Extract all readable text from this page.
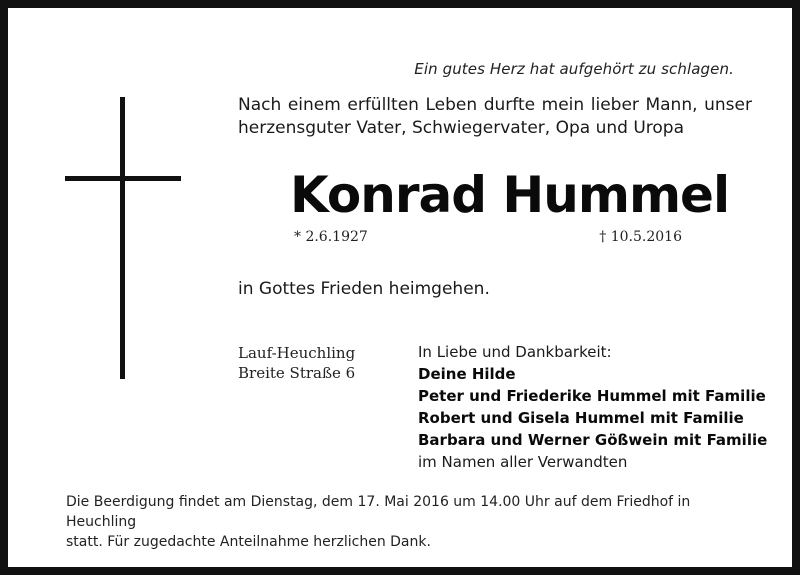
Ein gutes Herz hat aufgehört zu schlagen.
Nach einem erfüllten Leben durfte mein lieber Mann, unser
herzensguter Vater, Schwiegervater, Opa und Uropa
Konrad Hummel
* 2.6.1927	† 10.5.2016
in Gottes Frieden heimgehen.
Lauf-Heuchling
Breite Straße 6
In Liebe und Dankbarkeit:
Deine Hilde
Peter und Friederike Hummel mit Familie
Robert und Gisela Hummel mit Familie
Barbara und Werner Gößwein mit Familie
im Namen aller Verwandten
Die Beerdigung findet am Dienstag, dem 17. Mai 2016 um 14.00 Uhr auf dem Friedhof in Heuchling
statt. Für zugedachte Anteilnahme herzlichen Dank.
